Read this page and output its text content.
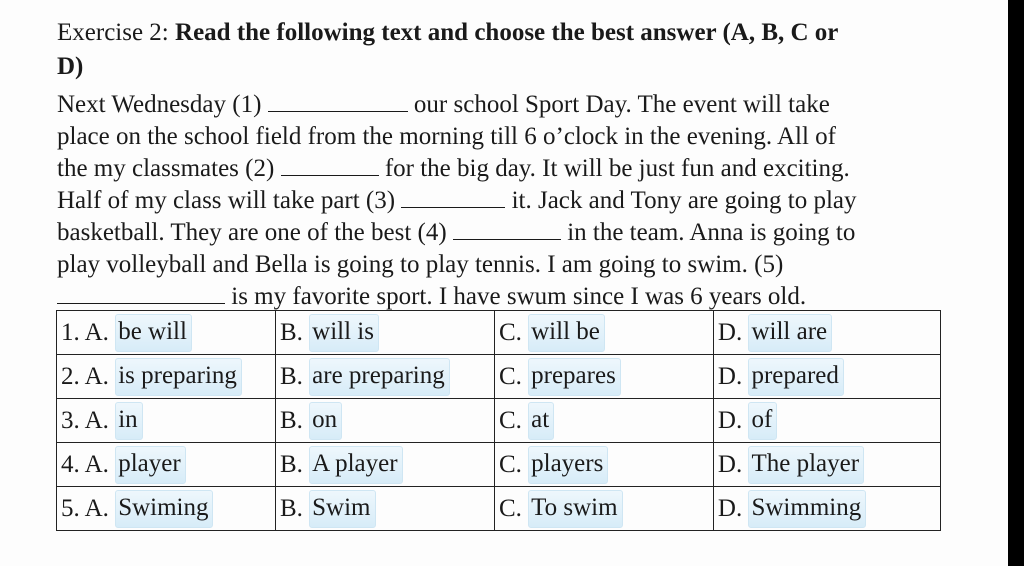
Exercise 2: Read the following text and choose the best answer (A, B, C or
D)
Next Wednesday (1)	our school Sport Day. The event will take
place on the school field from the morning till 6 o’clock in the evening. All of
the my classmates (2)	for the big day. It will be just fun and exciting.
Half of my class will take part (3)	it. Jack and Tony are going to play
basketball. They are one of the best (4)	in the team. Anna is going to
play volleyball and Bella is going to play tennis. I am going to swim. (5)
is my favorite sport. I have swum since I was 6 years old.
1. A. be will	B. will is	C. will be	D. will are
2. A. is preparing	B. are preparing	C. prepares	D. prepared
3. A. in	B. on	C. at	D. of
4. A. player	B. A player	C. players	D. The player
5. A. Swiming	B. Swim	C. To swim	D. Swimming
